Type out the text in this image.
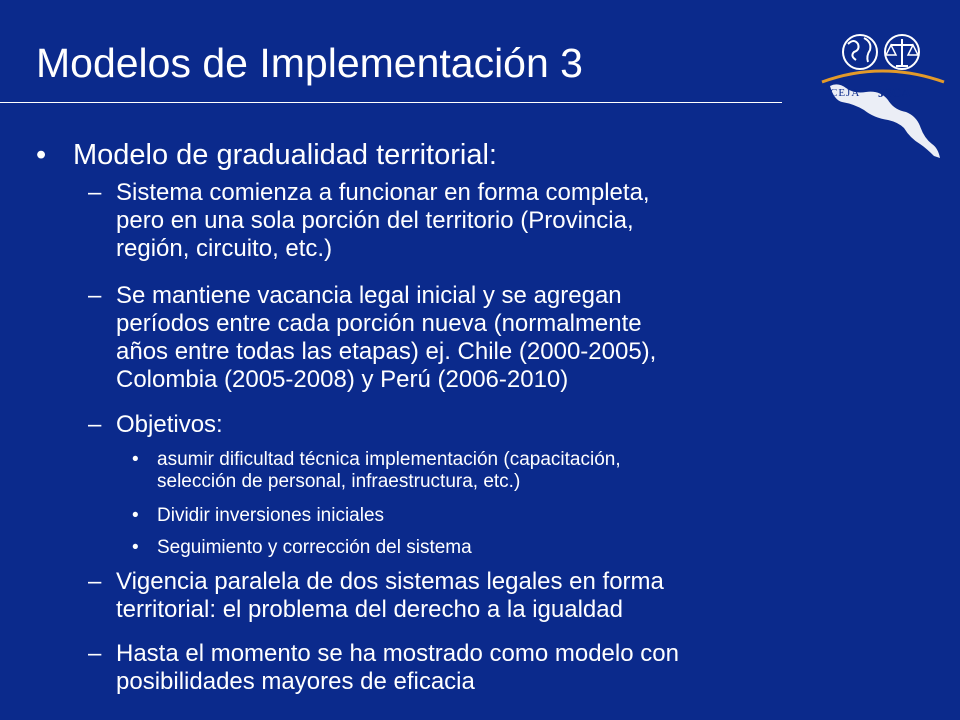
Modelos de Implementación 3
CEJA JSCA
• Modelo de gradualidad territorial:
– Sistema comienza a funcionar en forma completa,
pero en una sola porción del territorio (Provincia,
región, circuito, etc.)
– Se mantiene vacancia legal inicial y se agregan
períodos entre cada porción nueva (normalmente
años entre todas las etapas) ej. Chile (2000-2005),
Colombia (2005-2008) y Perú (2006-2010)
– Objetivos:
• asumir dificultad técnica implementación (capacitación,
selección de personal, infraestructura, etc.)
• Dividir inversiones iniciales
• Seguimiento y corrección del sistema
– Vigencia paralela de dos sistemas legales en forma
territorial: el problema del derecho a la igualdad
– Hasta el momento se ha mostrado como modelo con
posibilidades mayores de eficacia
